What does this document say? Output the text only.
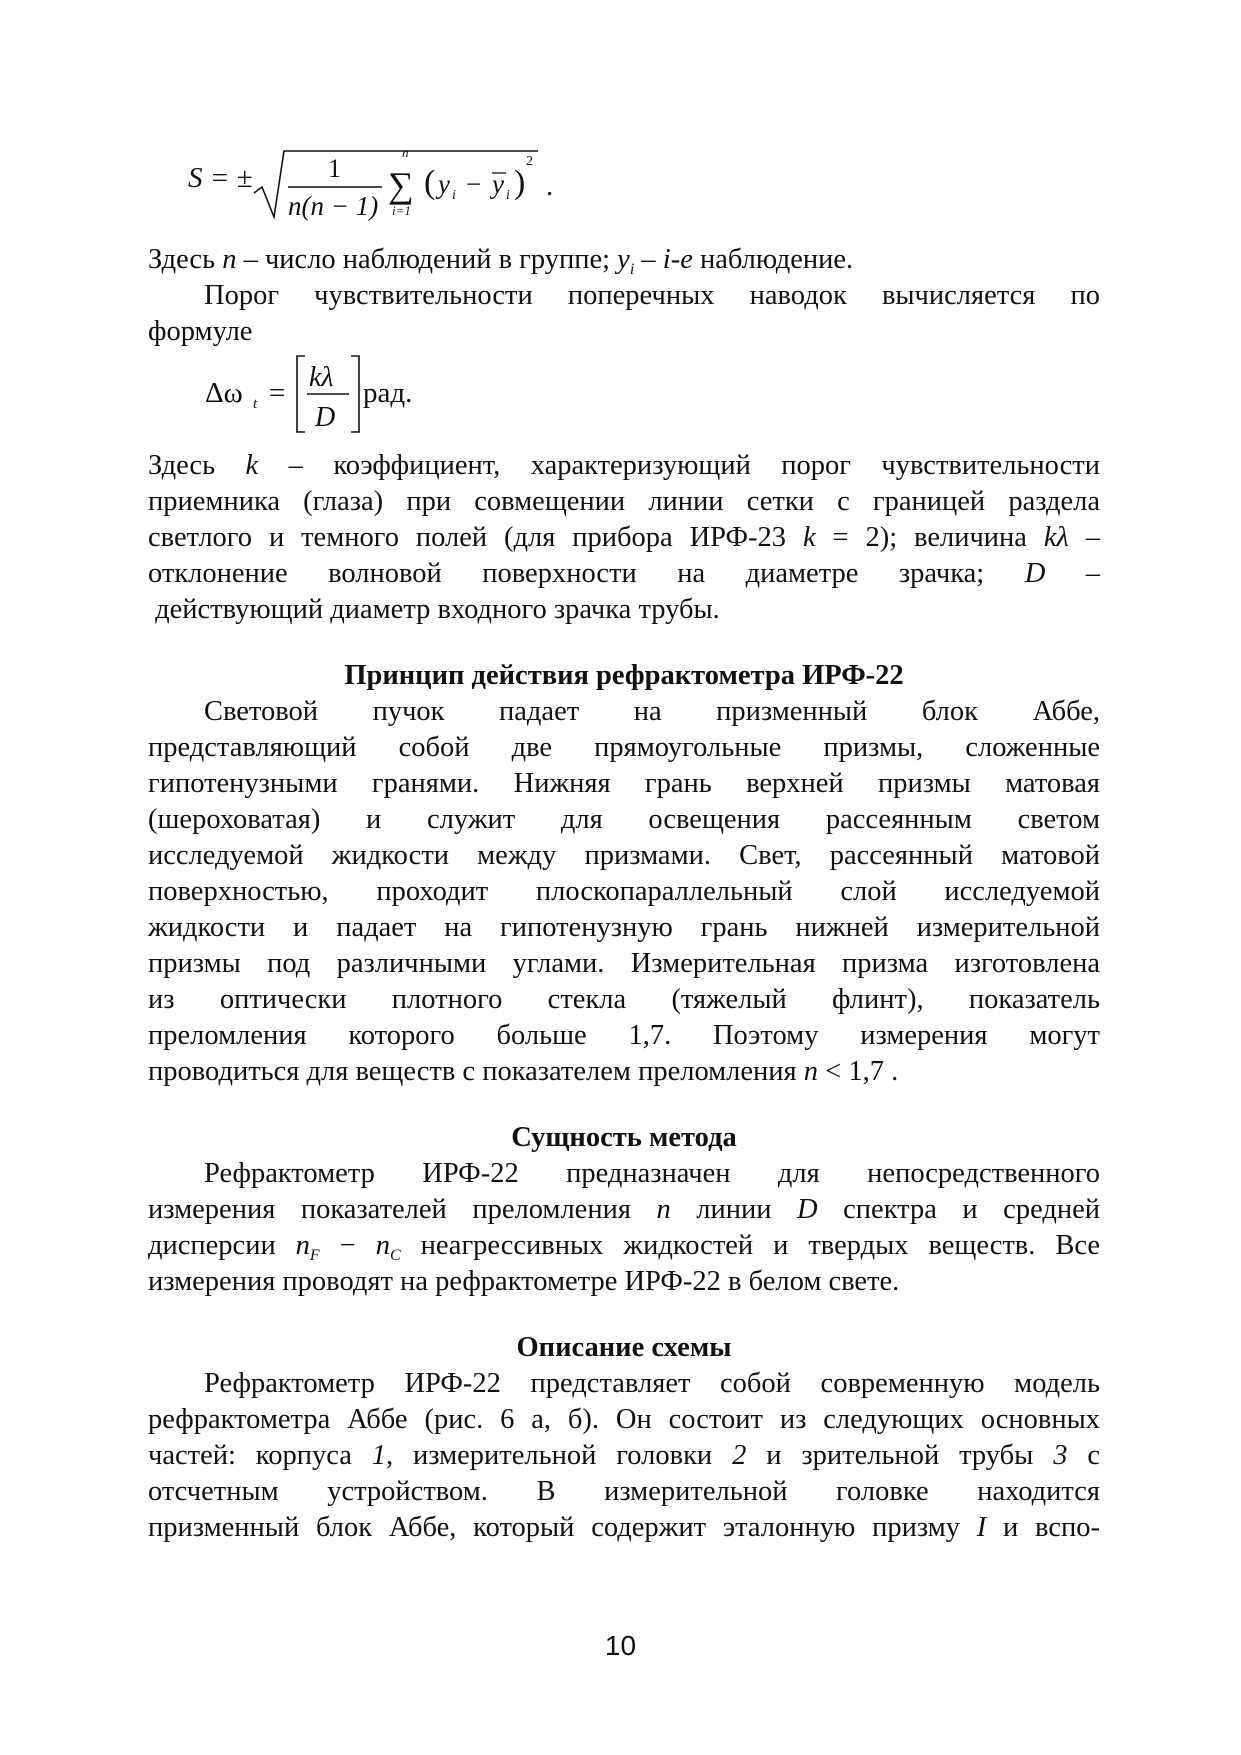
S = ±	1
n(n − 1)
n
∑
i=1
( y i − y i )
2
.
Здесь n – число наблюдений в группе; $y_i - i-е$ наблюдение.
Порог чувствительности поперечных наводок вычисляется по
формуле
Δω t = kλ
D
рад.
Здесь k – коэффициент, характеризующий порог чувствительности
приемника (глаза) при совмещении линии сетки с границей раздела
светлого и темного полей (для прибора ИРФ-23 k = 2); величина kλ –
отклонение волновой поверхности на диаметре зрачка; D –
действующий диаметр входного зрачка трубы.
Принцип действия рефрактометра ИРФ-22
Световой пучок падает на призменный блок Аббе,
представляющий собой две прямоугольные призмы, сложенные
гипотенузными гранями. Нижняя грань верхней призмы матовая
(шероховатая) и служит для освещения рассеянным светом
исследуемой жидкости между призмами. Свет, рассеянный матовой
поверхностью, проходит плоскопараллельный слой исследуемой
жидкости и падает на гипотенузную грань нижней измерительной
призмы под различными углами. Измерительная призма изготовлена
из оптически плотного стекла (тяжелый флинт), показатель
преломления которого больше 1,7. Поэтому измерения могут
проводиться для веществ с показателем преломления n < 1,7 .
Сущность метода
Рефрактометр ИРФ-22 предназначен для непосредственного
измерения показателей преломления n линии D спектра и средней
дисперсии $n_F - n_C$ неагрессивных жидкостей и твердых веществ. Все
измерения проводят на рефрактометре ИРФ-22 в белом свете.
Описание схемы
Рефрактометр ИРФ-22 представляет собой современную модель
рефрактометра Аббе (рис. 6 а, б). Он состоит из следующих основных
частей: корпуса 1, измерительной головки 2 и зрительной трубы 3 с
отсчетным устройством. В измерительной головке находится
призменный блок Аббе, который содержит эталонную призму I и вспо-
10
